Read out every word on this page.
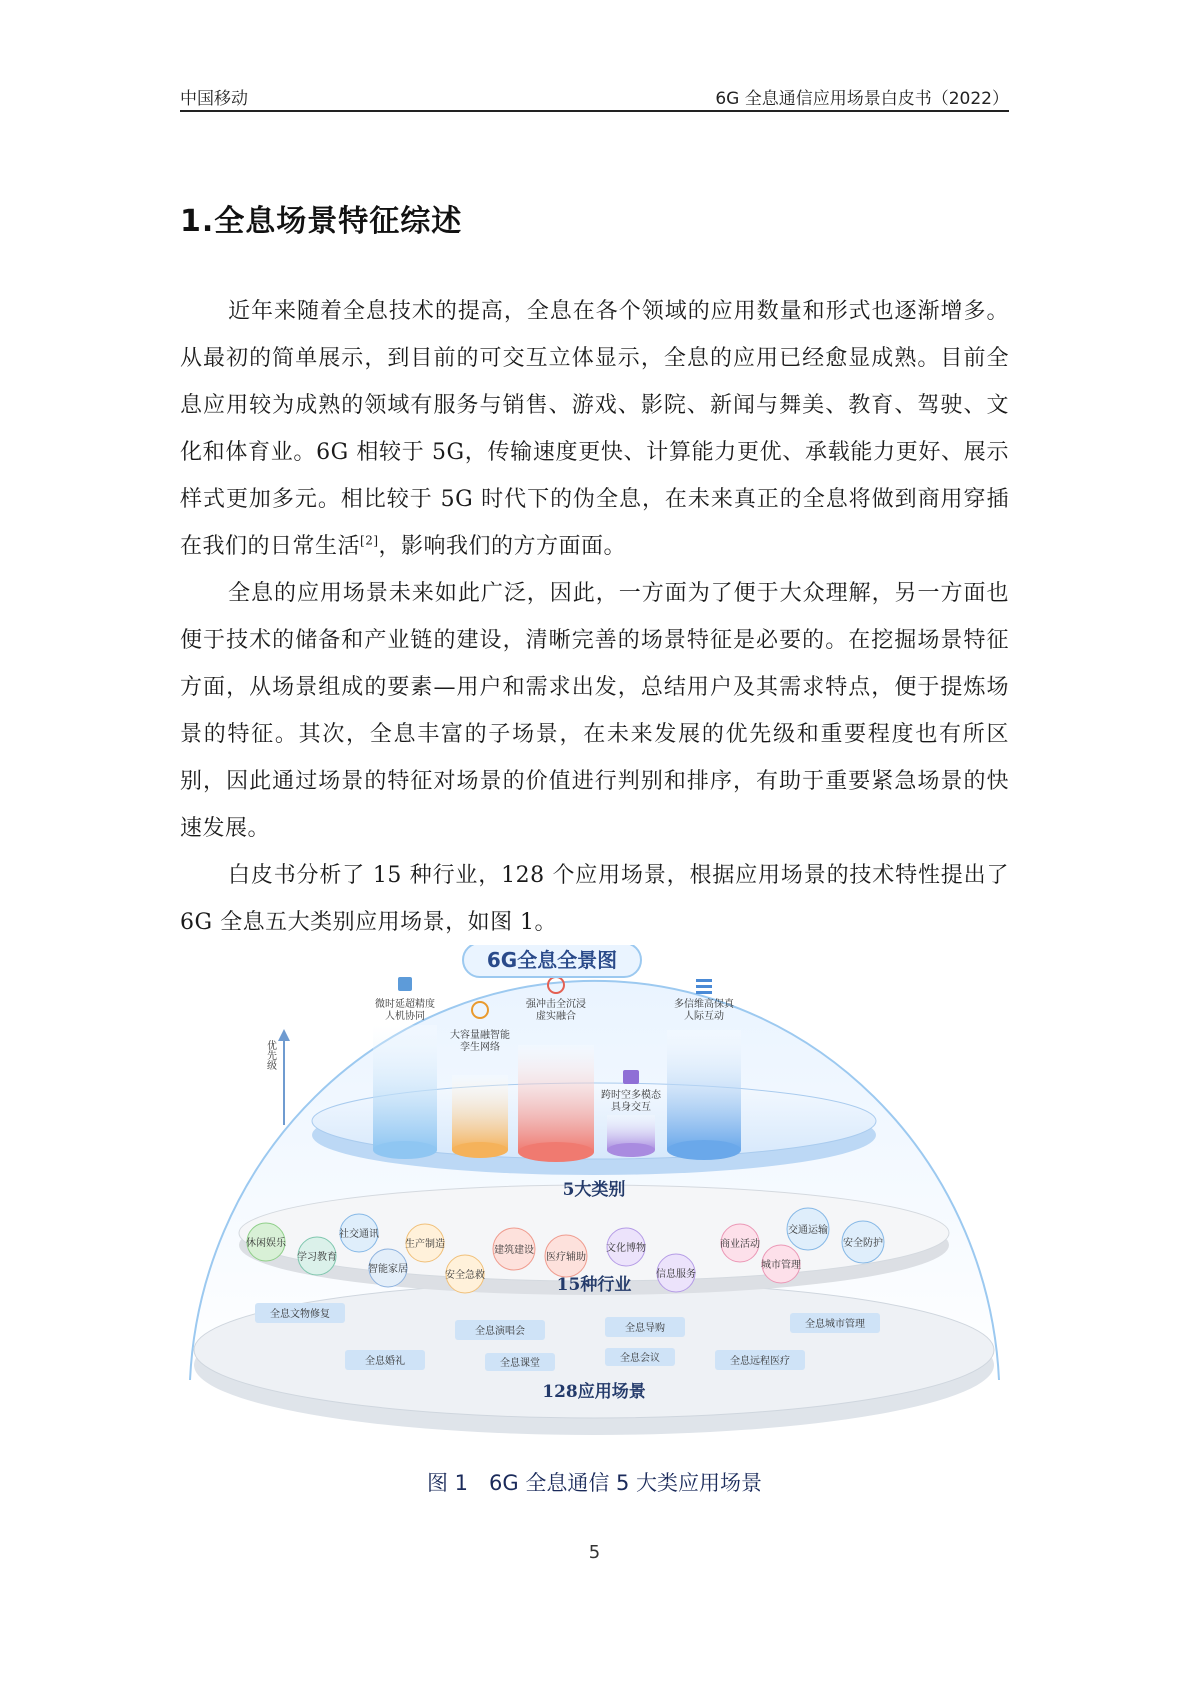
中国移动	6G 全息通信应用场景白皮书（2022）
1.全息场景特征综述

近年来随着全息技术的提高，全息在各个领域的应用数量和形式也逐渐增多。从最初的简单展示，到目前的可交互立体显示，全息的应用已经愈显成熟。目前全息应用较为成熟的领域有服务与销售、游戏、影院、新闻与舞美、教育、驾驶、文化和体育业。6G 相较于 5G，传输速度更快、计算能力更优、承载能力更好、展示样式更加多元。相比较于 5G 时代下的伪全息，在未来真正的全息将做到商用穿插在我们的日常生活[2]，影响我们的方方面面。

全息的应用场景未来如此广泛，因此，一方面为了便于大众理解，另一方面也便于技术的储备和产业链的建设，清晰完善的场景特征是必要的。在挖掘场景特征方面，从场景组成的要素—用户和需求出发，总结用户及其需求特点，便于提炼场景的特征。其次，全息丰富的子场景，在未来发展的优先级和重要程度也有所区别，因此通过场景的特征对场景的价值进行判别和排序，有助于重要紧急场景的快速发展。

白皮书分析了 15 种行业，128 个应用场景，根据应用场景的技术特性提出了 6G 全息五大类别应用场景，如图 1。

全息文物修复
全息演唱会	全息导购	全息城市管理
全息婚礼	全息课堂	全息会议	全息远程医疗
128应用场景
休闲娱乐
学习教育
社交通讯
智能家居
生产制造
安全急救
建筑建设
医疗辅助
文化博物
信息服务
商业活动
城市管理
交通运输
安全防护
15种行业
5大类别
优先级
微时延超精度
人机协同
大容量融智能
孪生网络
强冲击全沉浸
虚实融合
跨时空多模态
具身交互
多信维高保真
人际互动
6G全息全景图
图 1　6G 全息通信 5 大类应用场景
5
